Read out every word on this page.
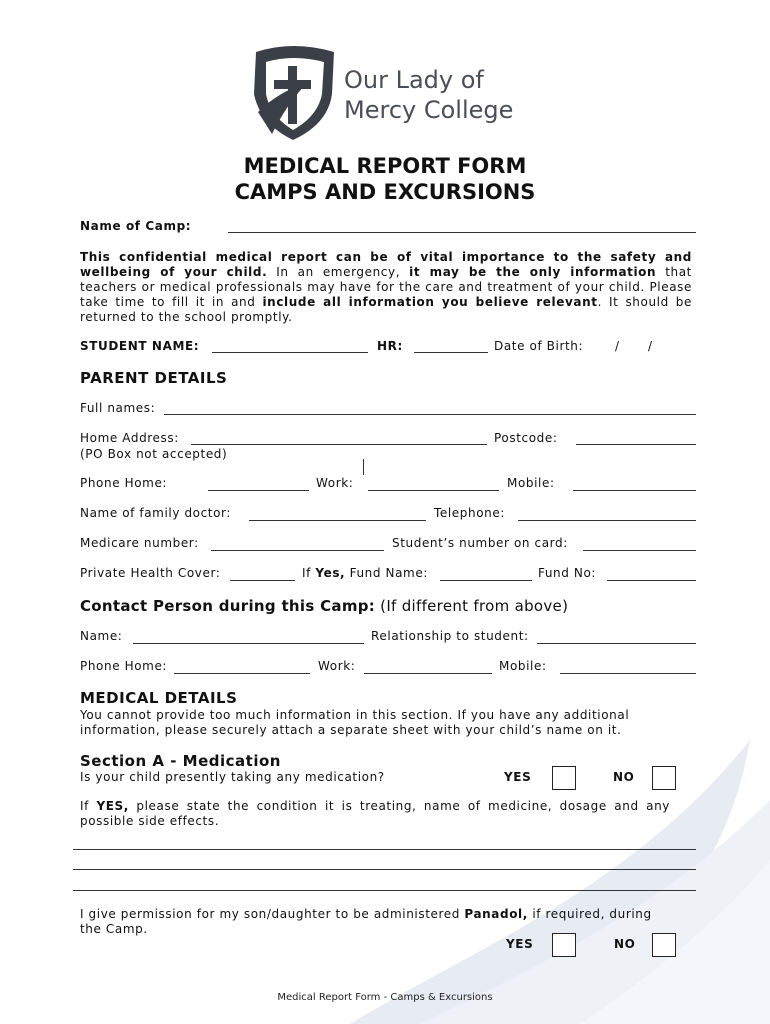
Our Lady of
Mercy College
MEDICAL REPORT FORM
CAMPS AND EXCURSIONS
Name of Camp:
This confidential medical report can be of vital importance to the safety and wellbeing of your child. In an emergency, it may be the only information that teachers or medical professionals may have for the care and treatment of your child. Please take time to fill it in and include all information you believe relevant. It should be returned to the school promptly.
STUDENT NAME:	HR:	Date of Birth:	/ /
PARENT DETAILS
Full names:
Home Address:	Postcode:
(PO Box not accepted)
Phone Home:	Work:	Mobile:
Name of family doctor:	Telephone:
Medicare number:	Student’s number on card:
Private Health Cover:	If Yes, Fund Name:	Fund No:
Contact Person during this Camp: (If different from above)
Name:	Relationship to student:
Phone Home:	Work:	Mobile:
MEDICAL DETAILS
You cannot provide too much information in this section. If you have any additional information, please securely attach a separate sheet with your child’s name on it.
Section A - Medication
Is your child presently taking any medication?	YES	NO
If YES, please state the condition it is treating, name of medicine, dosage and any possible side effects.
I give permission for my son/daughter to be administered Panadol, if required, during the Camp.
YES	NO
Medical Report Form - Camps & Excursions
